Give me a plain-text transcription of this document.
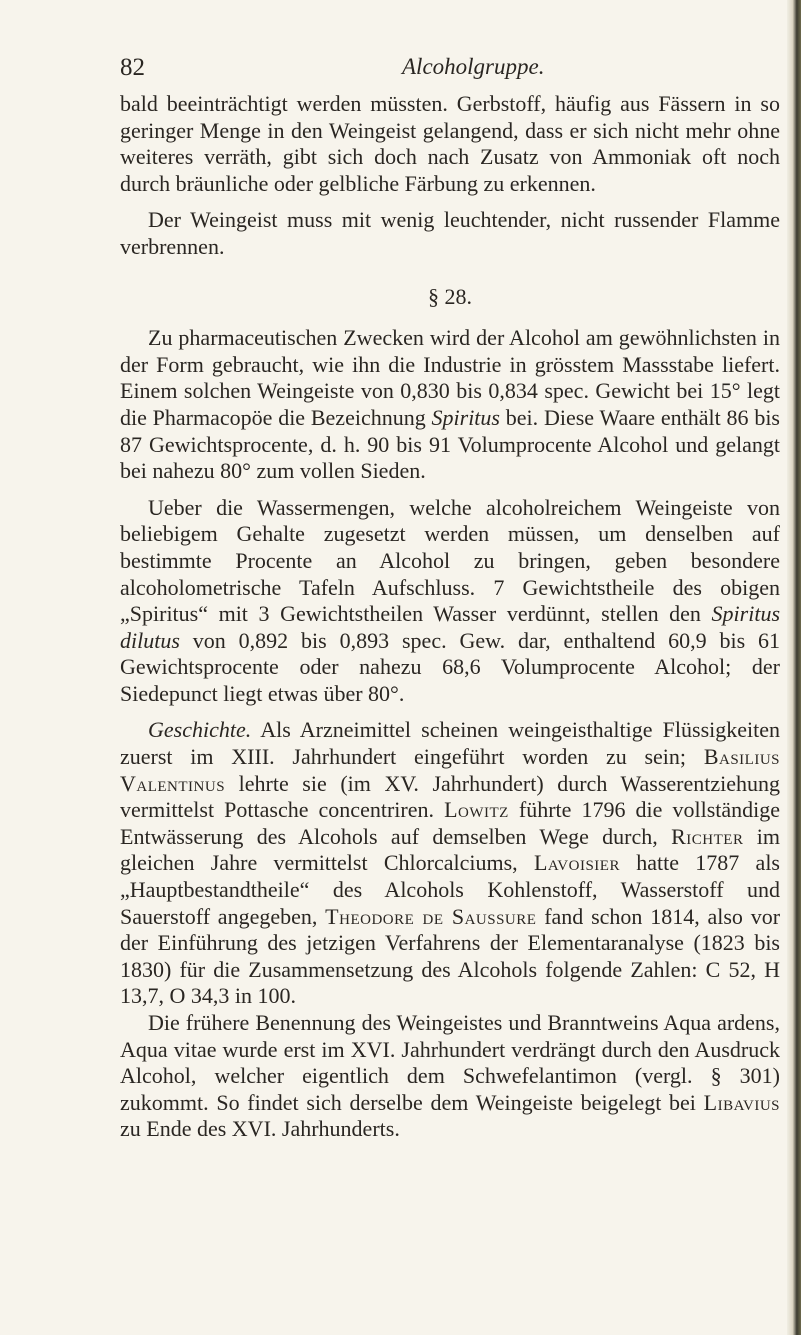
82	Alcoholgruppe.

bald beeinträchtigt werden müssten. Gerbstoff, häufig aus Fässern in so geringer Menge in den Weingeist gelangend, dass er sich nicht mehr ohne weiteres verräth, gibt sich doch nach Zusatz von Ammoniak oft noch durch bräunliche oder gelbliche Färbung zu erkennen.

Der Weingeist muss mit wenig leuchtender, nicht russender Flamme verbrennen.

§ 28.

Zu pharmaceutischen Zwecken wird der Alcohol am gewöhnlichsten in der Form gebraucht, wie ihn die Industrie in grösstem Massstabe liefert. Einem solchen Weingeiste von 0,830 bis 0,834 spec. Gewicht bei 15° legt die Pharmacopöe die Bezeichnung Spiritus bei. Diese Waare enthält 86 bis 87 Gewichtsprocente, d. h. 90 bis 91 Volumprocente Alcohol und gelangt bei nahezu 80° zum vollen Sieden.

Ueber die Wassermengen, welche alcoholreichem Weingeiste von beliebigem Gehalte zugesetzt werden müssen, um denselben auf bestimmte Procente an Alcohol zu bringen, geben besondere alcoholometrische Tafeln Aufschluss. 7 Gewichtstheile des obigen „Spiritus“ mit 3 Gewichtstheilen Wasser verdünnt, stellen den Spiritus dilutus von 0,892 bis 0,893 spec. Gew. dar, enthaltend 60,9 bis 61 Gewichtsprocente oder nahezu 68,6 Volumprocente Alcohol; der Siedepunct liegt etwas über 80°.

Geschichte. Als Arzneimittel scheinen weingeisthaltige Flüssigkeiten zuerst im XIII. Jahrhundert eingeführt worden zu sein; Basilius Valentinus lehrte sie (im XV. Jahrhundert) durch Wasserentziehung vermittelst Pottasche concentriren. Lowitz führte 1796 die vollständige Entwässerung des Alcohols auf demselben Wege durch, Richter im gleichen Jahre vermittelst Chlorcalciums, Lavoisier hatte 1787 als „Hauptbestandtheile“ des Alcohols Kohlenstoff, Wasserstoff und Sauerstoff angegeben, Theodore de Saussure fand schon 1814, also vor der Einführung des jetzigen Verfahrens der Elementaranalyse (1823 bis 1830) für die Zusammensetzung des Alcohols folgende Zahlen: C 52, H 13,7, O 34,3 in 100.

Die frühere Benennung des Weingeistes und Branntweins Aqua ardens, Aqua vitae wurde erst im XVI. Jahrhundert verdrängt durch den Ausdruck Alcohol, welcher eigentlich dem Schwefelantimon (vergl. § 301) zukommt. So findet sich derselbe dem Weingeiste beigelegt bei Libavius zu Ende des XVI. Jahrhunderts.
